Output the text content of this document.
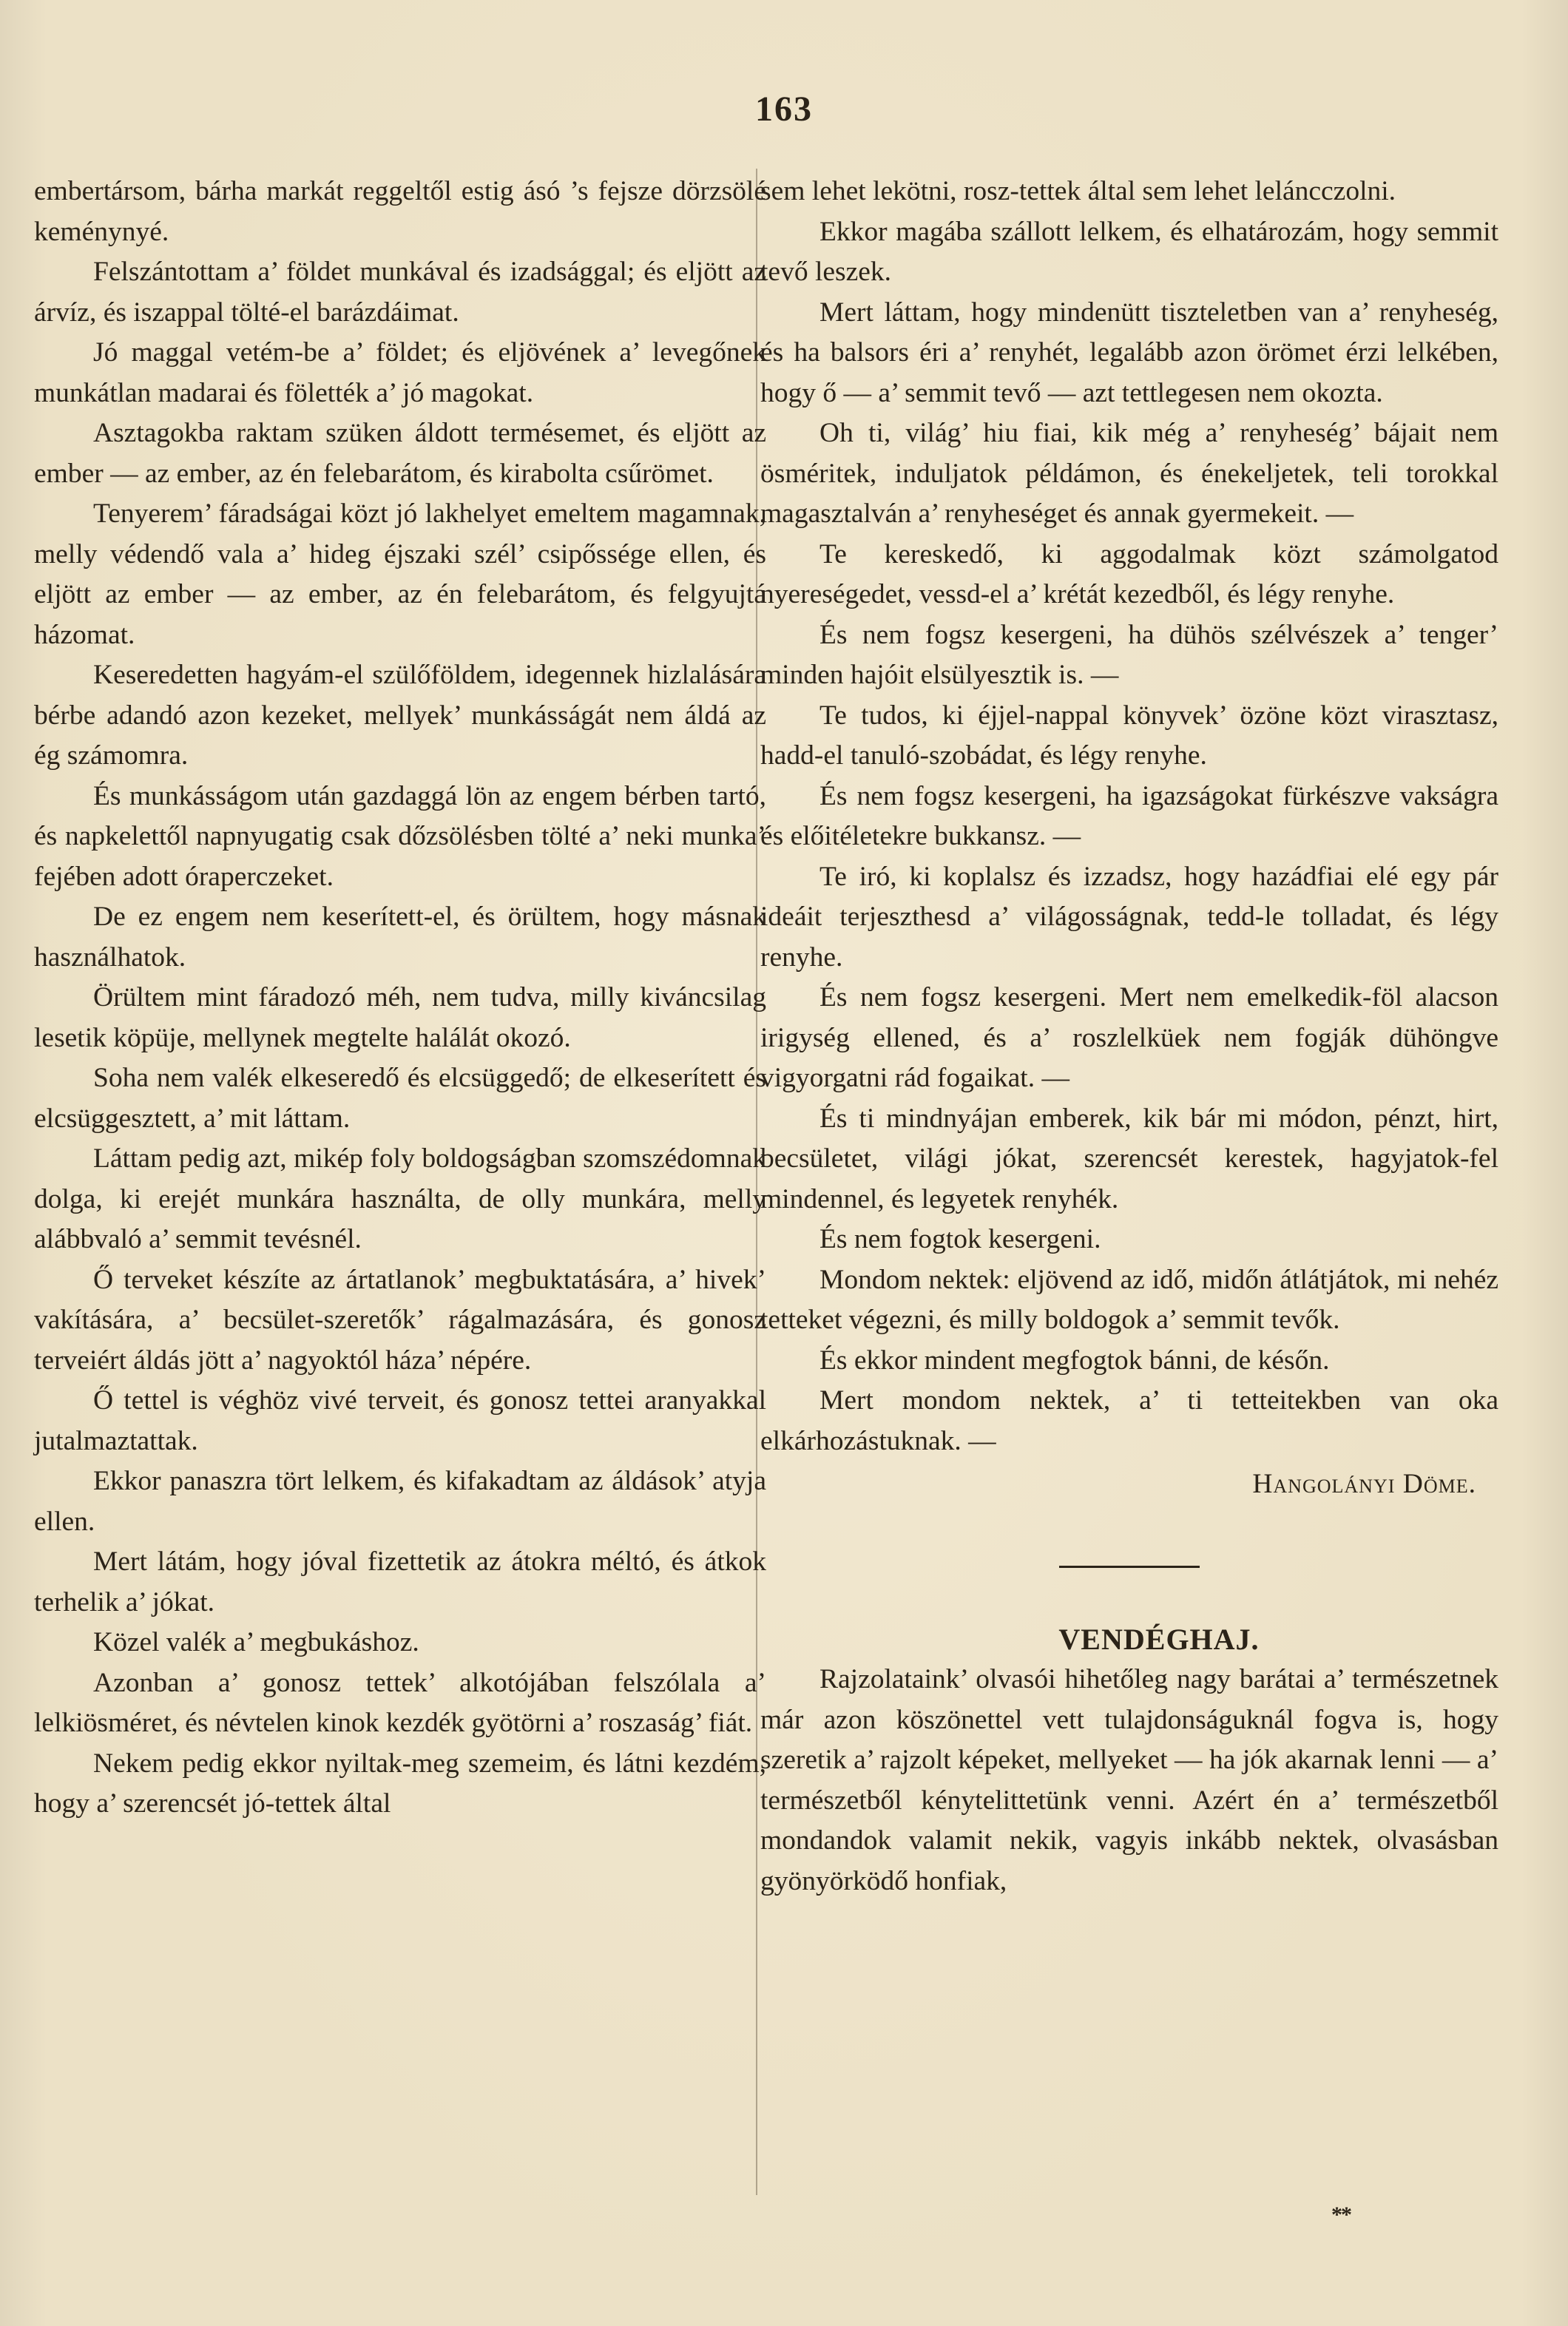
163

embertársom, bárha markát reggeltől estig ásó ’s fejsze dörzsölé keménynyé.

Felszántottam a’ földet munkával és izadsággal; és eljött az árvíz, és iszappal tölté-el barázdáimat.

Jó maggal vetém-be a’ földet; és eljövének a’ levegőnek munkátlan madarai és fölették a’ jó magokat.

Asztagokba raktam szüken áldott termésemet, és eljött az ember — az ember, az én felebarátom, és kirabolta csűrömet.

Tenyerem’ fáradságai közt jó lakhelyet emeltem magamnak, melly védendő vala a’ hideg éjszaki szél’ csipőssége ellen, és eljött az ember — az ember, az én felebarátom, és felgyujtá házomat.

Keseredetten hagyám-el szülőföldem, idegennek hizlalására bérbe adandó azon kezeket, mellyek’ munkásságát nem áldá az ég számomra.

És munkásságom után gazdaggá lön az engem bérben tartó, és napkelettől napnyugatig csak dőzsölésben tölté a’ neki munka’ fejében adott óraperczeket.

De ez engem nem keserített-el, és örültem, hogy másnak használhatok.

Örültem mint fáradozó méh, nem tudva, milly kiváncsilag lesetik köpüje, mellynek megtelte halálát okozó.

Soha nem valék elkeseredő és elcsüggedő; de elkeserített és elcsüggesztett, a’ mit láttam.

Láttam pedig azt, mikép foly boldogságban szomszédomnak dolga, ki erejét munkára használta, de olly munkára, melly alábbvaló a’ semmit tevésnél.

Ő terveket készíte az ártatlanok’ megbuktatására, a’ hivek’ vakítására, a’ becsület-szeretők’ rágalmazására, és gonosz terveiért áldás jött a’ nagyoktól háza’ népére.

Ő tettel is véghöz vivé terveit, és gonosz tettei aranyakkal jutalmaztattak.

Ekkor panaszra tört lelkem, és kifakadtam az áldások’ atyja ellen.

Mert látám, hogy jóval fizettetik az átokra méltó, és átkok terhelik a’ jókat.

Közel valék a’ megbukáshoz.

Azonban a’ gonosz tettek’ alkotójában felszólala a’ lelkiösméret, és névtelen kinok kezdék gyötörni a’ roszaság’ fiát.

Nekem pedig ekkor nyiltak-meg szemeim, és látni kezdém, hogy a’ szerencsét jó-tettek által

sem lehet lekötni, rosz-tettek által sem lehet leláncczolni.

Ekkor magába szállott lelkem, és elhatározám, hogy semmit tevő leszek.

Mert láttam, hogy mindenütt tiszteletben van a’ renyheség, és ha balsors éri a’ renyhét, legalább azon örömet érzi lelkében, hogy ő — a’ semmit tevő — azt tettlegesen nem okozta.

Oh ti, világ’ hiu fiai, kik még a’ renyheség’ bájait nem ösméritek, induljatok példámon, és énekeljetek, teli torokkal magasztalván a’ renyheséget és annak gyermekeit. —

Te kereskedő, ki aggodalmak közt számolgatod nyereségedet, vessd-el a’ krétát kezedből, és légy renyhe.

És nem fogsz kesergeni, ha dühös szélvészek a’ tenger’ minden hajóit elsülyesztik is. —

Te tudos, ki éjjel-nappal könyvek’ özöne közt virasztasz, hadd-el tanuló-szobádat, és légy renyhe.

És nem fogsz kesergeni, ha igazságokat fürkészve vakságra és előitéletekre bukkansz. —

Te iró, ki koplalsz és izzadsz, hogy hazádfiai elé egy pár ideáit terjeszthesd a’ világosságnak, tedd-le tolladat, és légy renyhe.

És nem fogsz kesergeni. Mert nem emelkedik-föl alacson irigység ellened, és a’ roszlelküek nem fogják dühöngve vigyorgatni rád fogaikat. —

És ti mindnyájan emberek, kik bár mi módon, pénzt, hirt, becsületet, világi jókat, szerencsét kerestek, hagyjatok-fel mindennel, és legyetek renyhék.

És nem fogtok kesergeni.

Mondom nektek: eljövend az idő, midőn átlátjátok, mi nehéz tetteket végezni, és milly boldogok a’ semmit tevők.

És ekkor mindent megfogtok bánni, de későn.

Mert mondom nektek, a’ ti tetteitekben van oka elkárhozástuknak. —

Hangolányi Döme.

VENDÉGHAJ.

Rajzolataink’ olvasói hihetőleg nagy barátai a’ természetnek már azon köszönettel vett tulajdonságuknál fogva is, hogy szeretik a’ rajzolt képeket, mellyeket — ha jók akarnak lenni — a’ természetből kénytelittetünk venni. Azért én a’ természetből mondandok valamit nekik, vagyis inkább nektek, olvasásban gyönyörködő honfiak,

**
